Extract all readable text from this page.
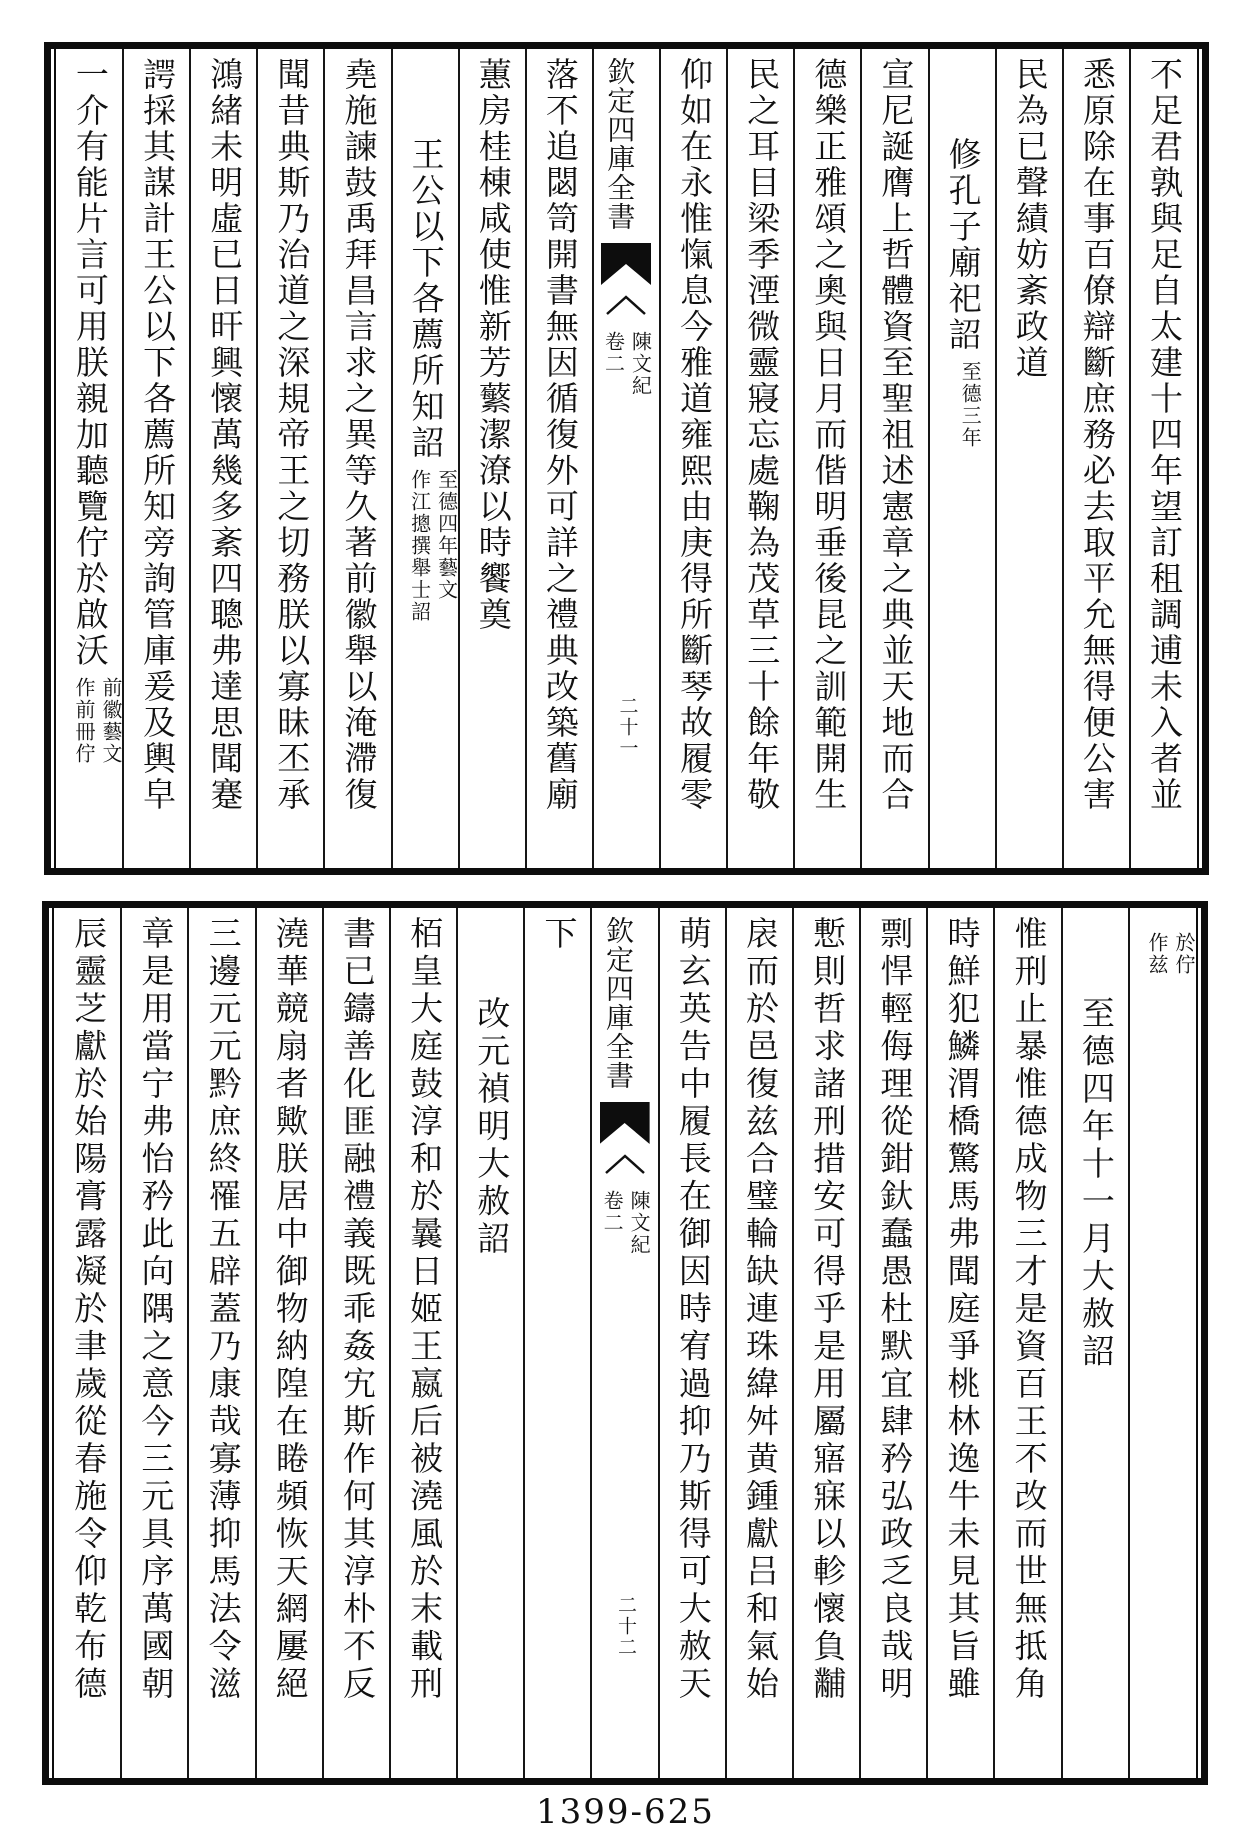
不足君孰與足自太建十四年望訂租調逋未入者並
悉原除在事百僚辯斷庶務必去取平允無得便公害
民為已聲績妨紊政道
修孔子廟祀詔
至德三年
宣尼誕膺上哲體資至聖祖述憲章之典並天地而合
德樂正雅頌之奧與日月而偕明垂後昆之訓範開生
民之耳目梁季湮微靈寢忘處鞠為茂草三十餘年敬
仰如在永惟愾息今雅道雍熙由庚得所斷琴故履零
欽定四庫全書
陳文紀
卷二
二十一
落不追閟笥開書無因循復外可詳之禮典改築舊廟
蕙房桂棟咸使惟新芳蘩潔潦以時饗奠
王公以下各薦所知詔
至德四年藝文
作江摠撰舉士詔
堯施諫鼓禹拜昌言求之異等久著前徽舉以淹滯復
聞昔典斯乃治道之深規帝王之切務朕以寡昧丕承
鴻緒未明虛已日旰興懷萬幾多紊四聰弗達思聞蹇
諤採其謀計王公以下各薦所知旁詢管庫爰及輿皁
一介有能片言可用朕親加聽覽佇於啟沃
前徽藝文
作前冊佇
於佇
作兹
至德四年十一月大赦詔
惟刑止暴惟德成物三才是資百王不改而世無抵角
時鮮犯鱗渭橋驚馬弗聞庭爭桃林逸牛未見其旨雖
剽悍輕侮理從鉗釱蠢愚杜默宜肆矜弘政乏良哉明
慙則哲求諸刑措安可得乎是用屬寤寐以軫懷負黼
扆而於邑復兹合璧輪缺連珠緯舛黄鍾獻吕和氣始
萌玄英告中履長在御因時宥過抑乃斯得可大赦天
欽定四庫全書
陳文紀
卷二
二十二
下
改元禎明大赦詔
栢皇大庭鼓淳和於曩日姬王嬴后被澆風於末載刑
書已鑄善化匪融禮義既乖姦宄斯作何其淳朴不反
澆華競扇者歟朕居中御物納隍在睠頻恢天網屢絕
三邊元元黔庶終罹五辟蓋乃康哉寡薄抑馬法令滋
章是用當宁弗怡矜此向隅之意今三元具序萬國朝
辰靈芝獻於始陽膏露凝於聿歲從春施令仰乾布德
1399-625
